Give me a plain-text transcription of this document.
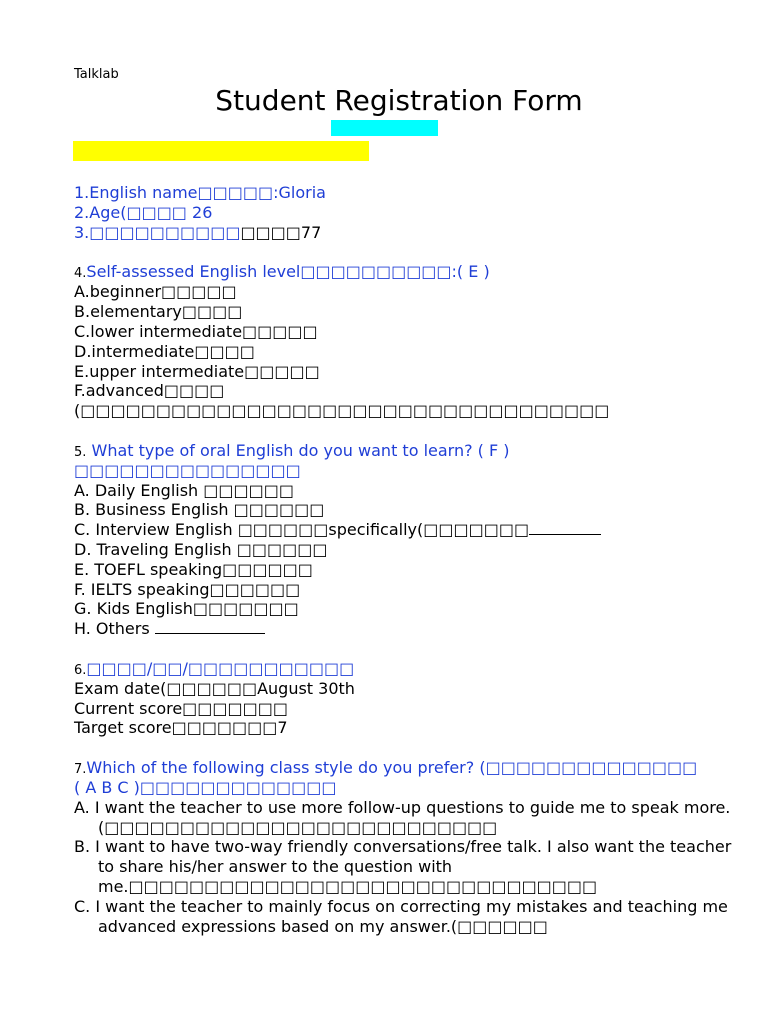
Talklab
Student Registration Form
1.English name□□□□□:Gloria
2.Age(□□□□ 26
3.□□□□□□□□□□□□□□77
4.Self-assessed English level□□□□□□□□□□:( E )
A.beginner□□□□□
B.elementary□□□□
C.lower intermediate□□□□□
D.intermediate□□□□
E.upper intermediate□□□□□
F.advanced□□□□
(□□□□□□□□□□□□□□□□□□□□□□□□□□□□□□□□□□□
5. What type of oral English do you want to learn? ( F )
□□□□□□□□□□□□□□□
A. Daily English □□□□□□
B. Business English □□□□□□
C. Interview English □□□□□□specifically(□□□□□□□
D. Traveling English □□□□□□
E. TOEFL speaking□□□□□□
F. IELTS speaking□□□□□□
G. Kids English□□□□□□□
H. Others
6.□□□□/□□/□□□□□□□□□□□
Exam date(□□□□□□August 30th
Current score□□□□□□□
Target score□□□□□□□7
7.Which of the following class style do you prefer? (□□□□□□□□□□□□□□
( A B C )□□□□□□□□□□□□□
A. I want the teacher to use more follow-up questions to guide me to speak more.(□□□□□□□□□□□□□□□□□□□□□□□□□□
B. I want to have two-way friendly conversations/free talk. I also want the teacher to share his/her answer to the question with me.□□□□□□□□□□□□□□□□□□□□□□□□□□□□□□□
C. I want the teacher to mainly focus on correcting my mistakes and teaching me advanced expressions based on my answer.(□□□□□□
